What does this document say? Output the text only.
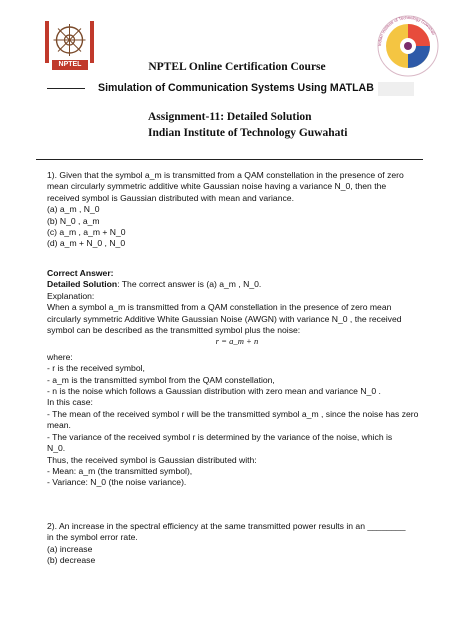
NPTEL
Indian Institute of Technology Guwahati
NPTEL Online Certification Course
Simulation of Communication Systems Using MATLAB
Assignment-11: Detailed Solution
Indian Institute of Technology Guwahati
1). Given that the symbol a_m is transmitted from a QAM constellation in the presence of zero
mean circularly symmetric additive white Gaussian noise having a variance N_0, then the
received symbol is Gaussian distributed with mean and variance.
(a) a_m , N_0
(b) N_0 , a_m
(c) a_m , a_m + N_0
(d) a_m + N_0 , N_0
Correct Answer:
Detailed Solution: The correct answer is (a) a_m , N_0.
Explanation:
When a symbol a_m is transmitted from a QAM constellation in the presence of zero mean
circularly symmetric Additive White Gaussian Noise (AWGN) with variance N_0 , the received
symbol can be described as the transmitted symbol plus the noise:
r = a_m + n
where:
- r is the received symbol,
- a_m is the transmitted symbol from the QAM constellation,
- n is the noise which follows a Gaussian distribution with zero mean and variance N_0 .
In this case:
- The mean of the received symbol r will be the transmitted symbol a_m , since the noise has zero
mean.
- The variance of the received symbol r is determined by the variance of the noise, which is
N_0.
Thus, the received symbol is Gaussian distributed with:
- Mean: a_m (the transmitted symbol),
- Variance: N_0 (the noise variance).
2). An increase in the spectral efficiency at the same transmitted power results in an ________
in the symbol error rate.
(a) increase
(b) decrease
